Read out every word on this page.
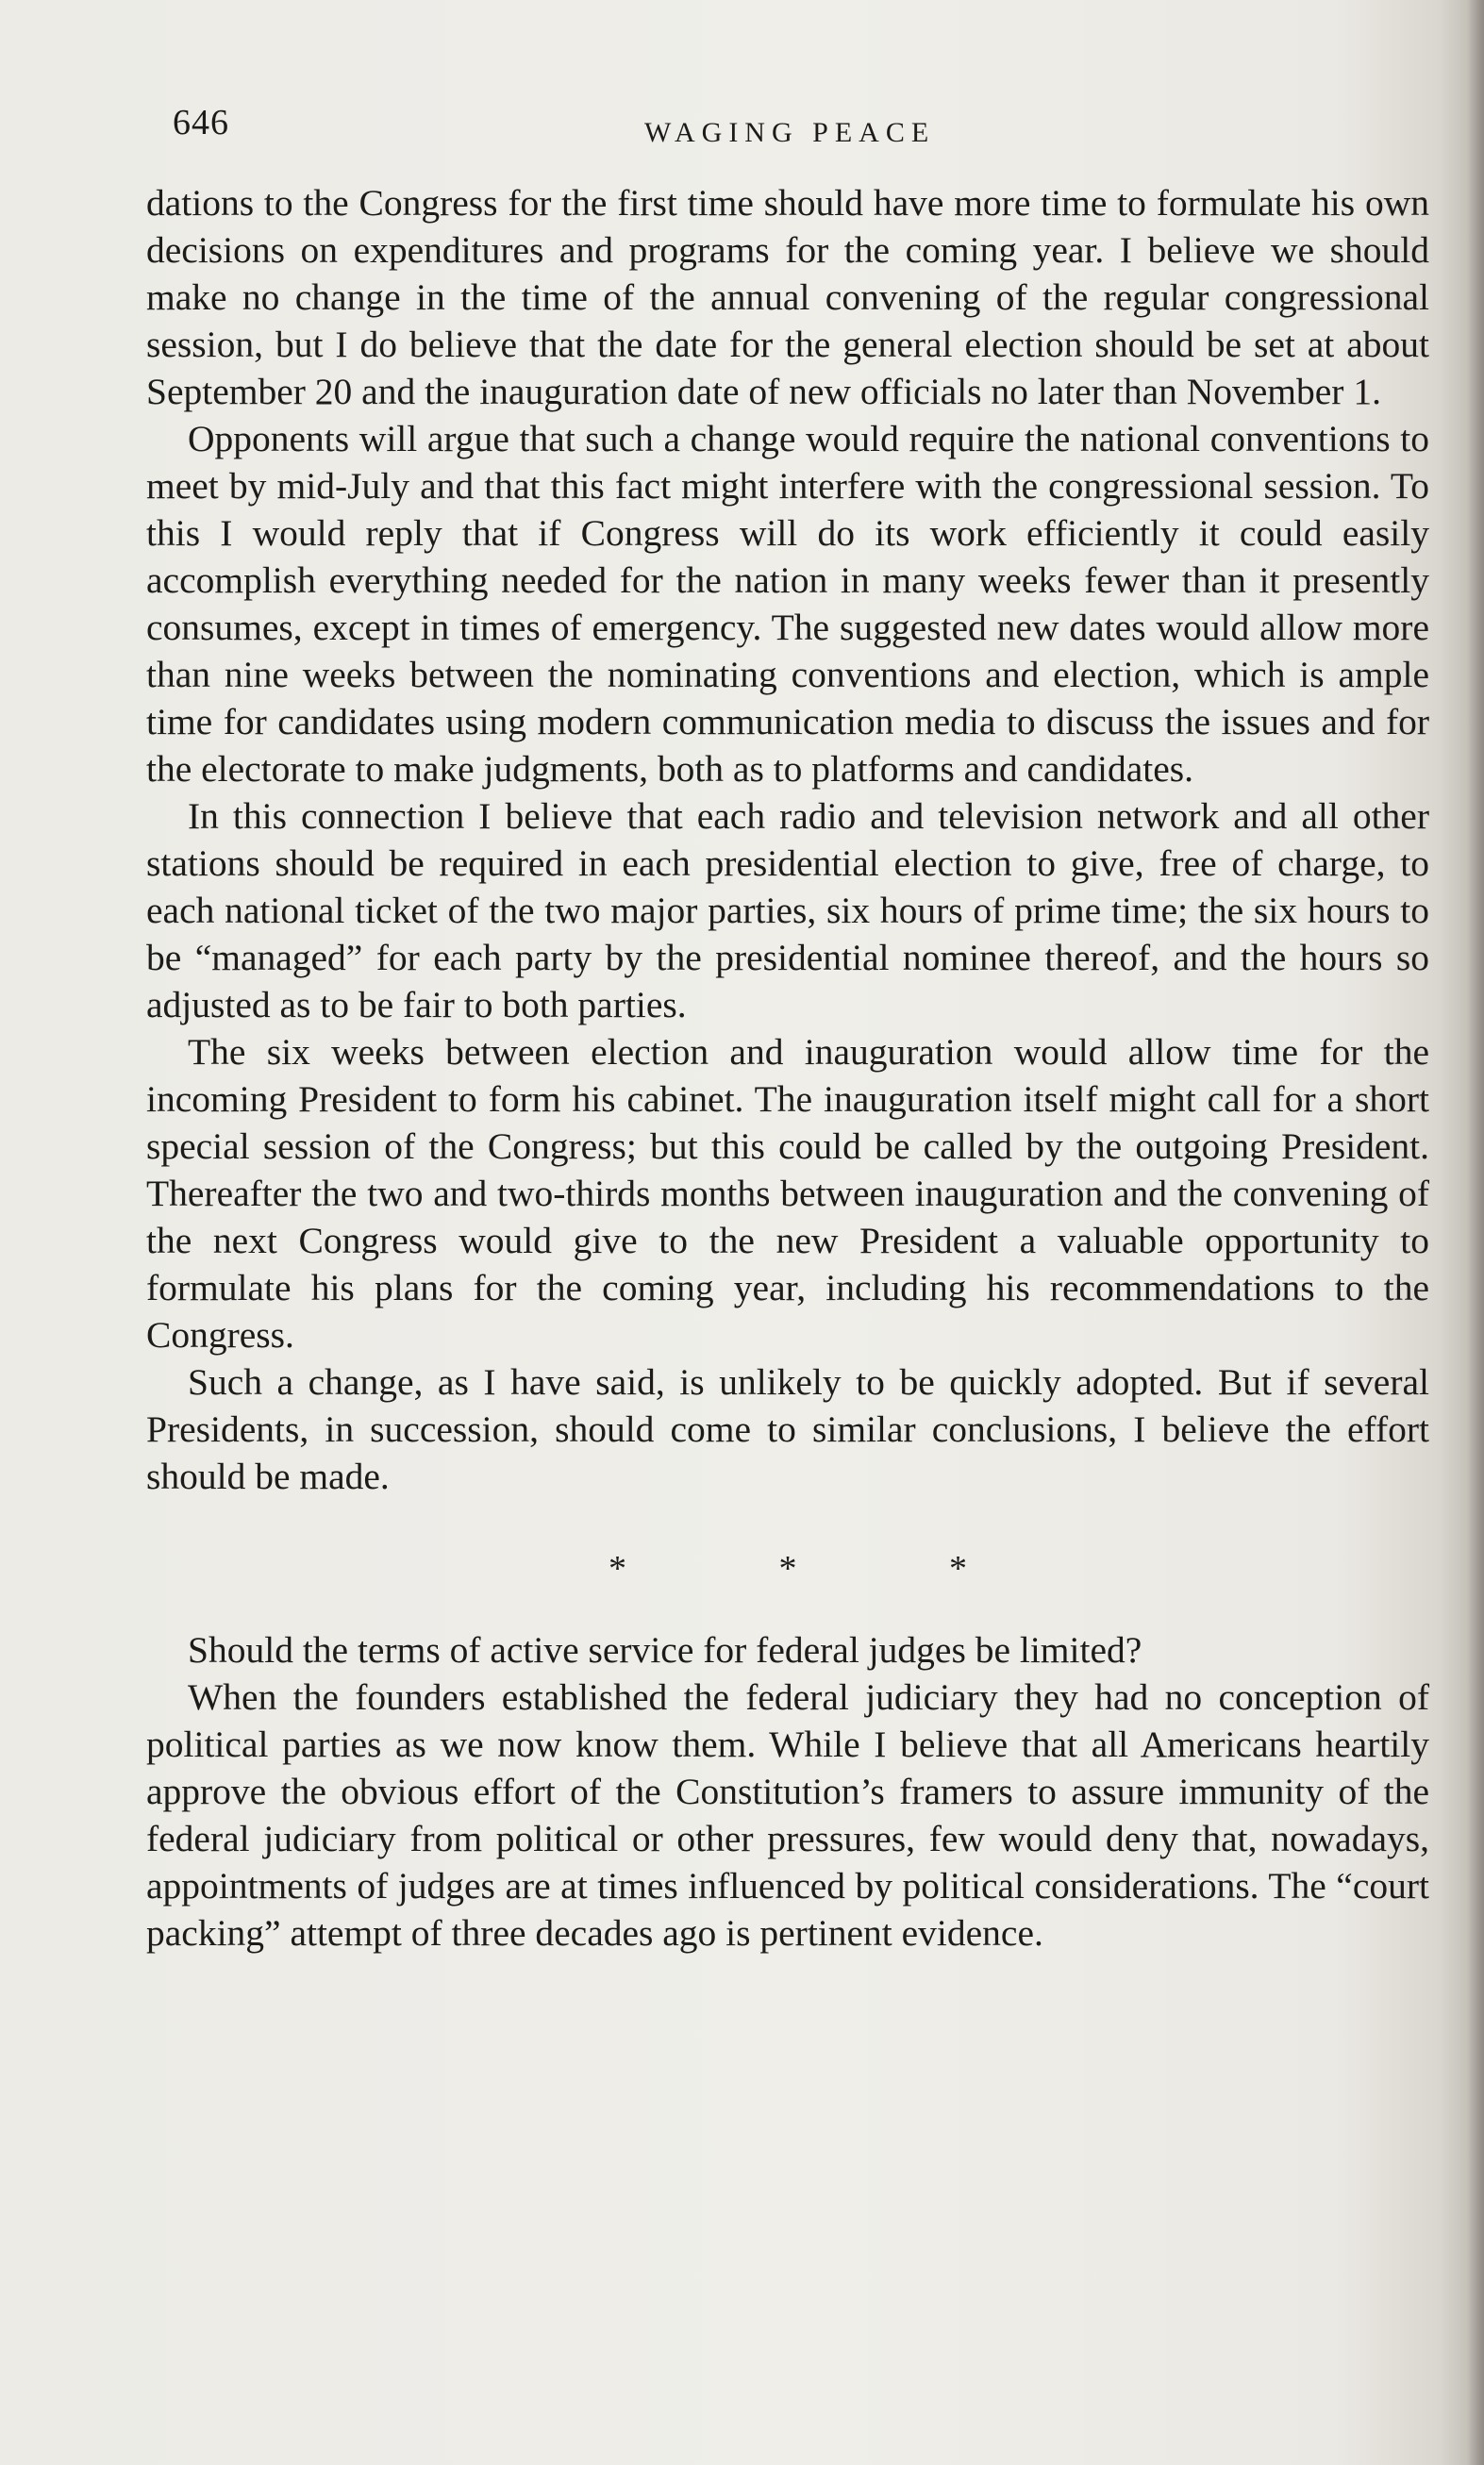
646	WAGING PEACE

dations to the Congress for the first time should have more time to formulate his own decisions on expenditures and programs for the coming year. I believe we should make no change in the time of the annual convening of the regular congressional session, but I do believe that the date for the general election should be set at about September 20 and the inauguration date of new officials no later than November 1.

Opponents will argue that such a change would require the national conventions to meet by mid-July and that this fact might interfere with the congressional session. To this I would reply that if Congress will do its work efficiently it could easily accomplish everything needed for the nation in many weeks fewer than it presently consumes, except in times of emergency. The suggested new dates would allow more than nine weeks between the nominating conventions and election, which is ample time for candidates using modern communication media to discuss the issues and for the electorate to make judgments, both as to platforms and candidates.

In this connection I believe that each radio and television network and all other stations should be required in each presidential election to give, free of charge, to each national ticket of the two major parties, six hours of prime time; the six hours to be “managed” for each party by the presidential nominee thereof, and the hours so adjusted as to be fair to both parties.

The six weeks between election and inauguration would allow time for the incoming President to form his cabinet. The inauguration itself might call for a short special session of the Congress; but this could be called by the outgoing President. Thereafter the two and two-thirds months between inauguration and the convening of the next Congress would give to the new President a valuable opportunity to formulate his plans for the coming year, including his recommendations to the Congress.

Such a change, as I have said, is unlikely to be quickly adopted. But if several Presidents, in succession, should come to similar conclusions, I believe the effort should be made.

* * *

Should the terms of active service for federal judges be limited?

When the founders established the federal judiciary they had no conception of political parties as we now know them. While I believe that all Americans heartily approve the obvious effort of the Constitution’s framers to assure immunity of the federal judiciary from political or other pressures, few would deny that, nowadays, appointments of judges are at times influenced by political considerations. The “court packing” attempt of three decades ago is pertinent evidence.
